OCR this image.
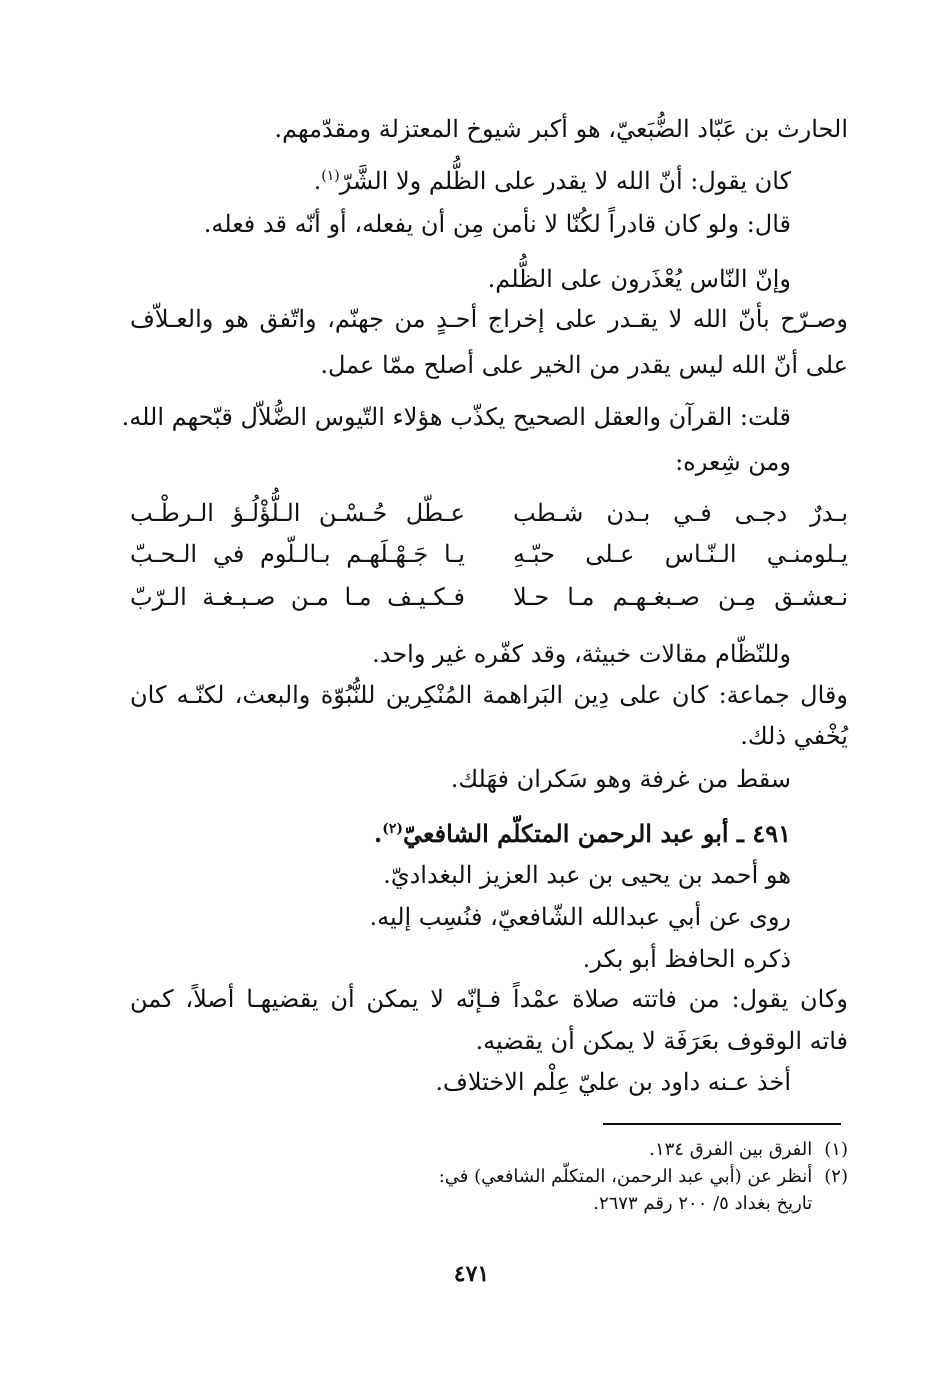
الحارث بن عَبّاد الضُّبَعيّ، هو أكبر شيوخ المعتزلة ومقدّمهم.
كان يقول: أنّ الله لا يقدر على الظُّلم ولا الشَّرّ$^{(١)}$.
قال: ولو كان قادراً لكُنّا لا نأمن مِن أن يفعله، أو أنّه قد فعله.
وإنّ النّاس يُعْذَرون على الظُّلم.
وصـرّح بأنّ الله لا يقـدر على إخراج أحـدٍ من جهنّم، واتّفق هو والعـلاّف
على أنّ الله ليس يقدر من الخير على أصلح ممّا عمل.
قلت: القرآن والعقل الصحيح يكذّب هؤلاء التّيوس الضُّلاّل قبّحهم الله.
ومن شِعره:
بـدرٌ دجـى فـي بـدن شـطب
عـطّل حُـسْـن الـلُّؤْلُـؤ الـرطْـب
يـلومنـي الـنّـاس عـلى حبّـهِ
يـا جَـهْـلَهـم بـالـلّوم في الـحـبّ
نـعشـق مِـن صـبغـهـم مـا حـلا
فـكـيـف مـا مـن صـبـغـة الـرّبّ
وللنّظّام مقالات خبيثة، وقد كفّره غير واحد.
وقال جماعة: كان على دِين البَراهمة المُنْكِرين للنُّبُوّة والبعث، لكنّـه كان
يُخْفي ذلك.
سقط من غرفة وهو سَكران فهَلك.
٤٩١ ـ أبو عبد الرحمن المتكلّم الشافعيّ$^{(٢)}$.
هو أحمد بن يحيى بن عبد العزيز البغداديّ.
روى عن أبي عبدالله الشّافعيّ، فنُسِب إليه.
ذكره الحافظ أبو بكر.
وكان يقول: من فاتته صلاة عمْداً فـإنّه لا يمكن أن يقضيهـا أصلاً، كمن
فاته الوقوف بعَرَفَة لا يمكن أن يقضيه.
أخذ عـنه داود بن عليّ عِلْم الاختلاف.
(١) الفرق بين الفرق ١٣٤.
(٢) أنظر عن (أبي عبد الرحمن، المتكلّم الشافعي) في:
تاريخ بغداد ٥/ ٢٠٠ رقم ٢٦٧٣.
٤٧١
